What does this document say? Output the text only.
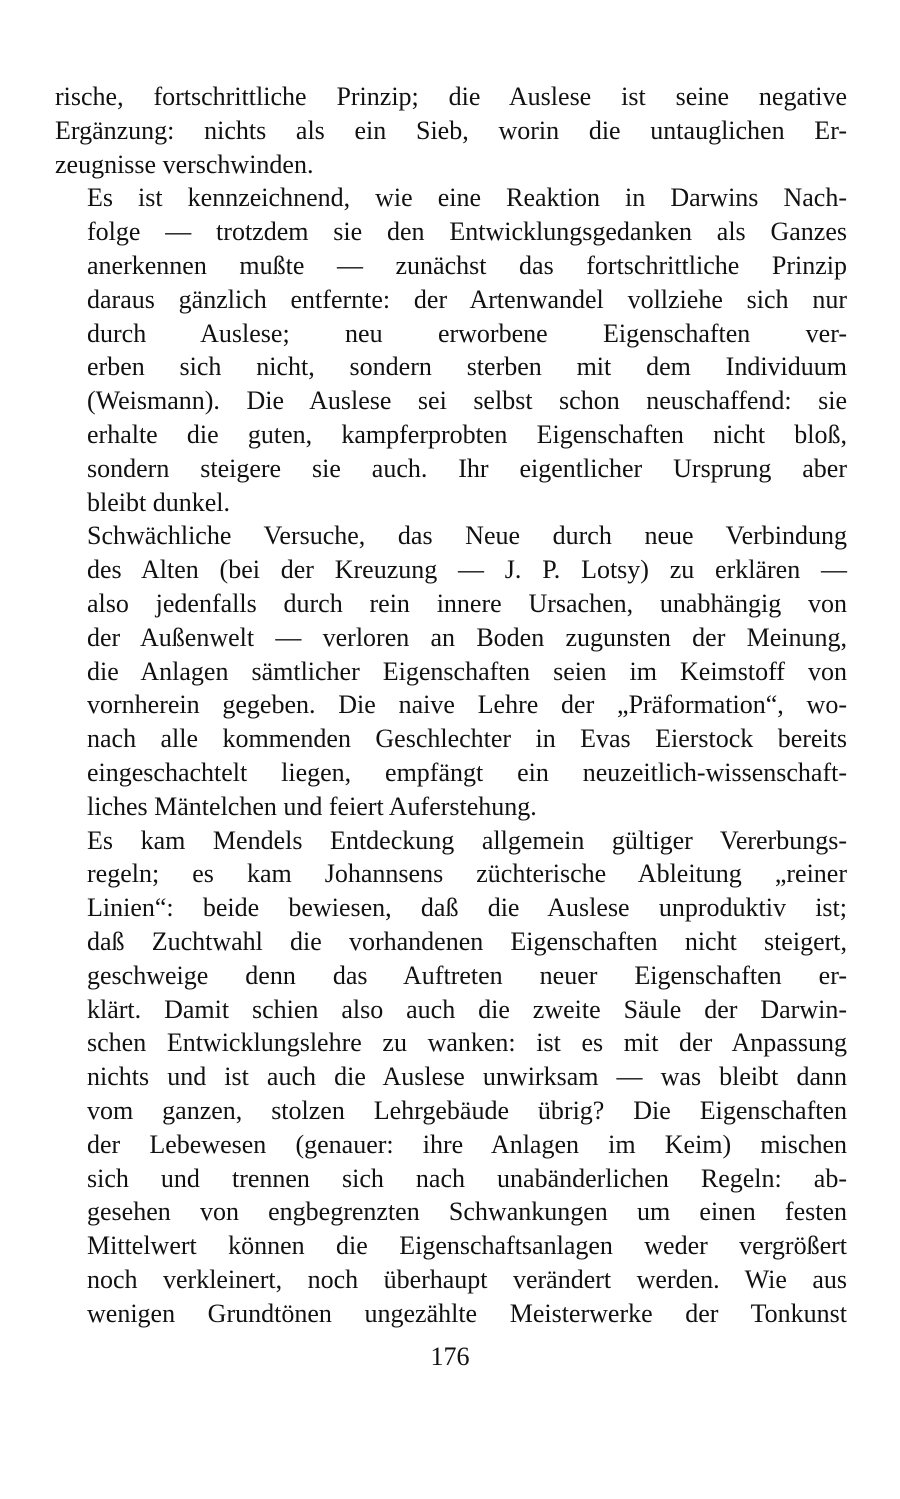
rische, fortschrittliche Prinzip; die Auslese ist seine negative
Ergänzung: nichts als ein Sieb, worin die untauglichen Er-
zeugnisse verschwinden.

Es ist kennzeichnend, wie eine Reaktion in Darwins Nach-
folge — trotzdem sie den Entwicklungsgedanken als Ganzes
anerkennen mußte — zunächst das fortschrittliche Prinzip
daraus gänzlich entfernte: der Artenwandel vollziehe sich nur
durch Auslese; neu erworbene Eigenschaften ver-
erben sich nicht, sondern sterben mit dem Individuum
(Weismann). Die Auslese sei selbst schon neuschaffend: sie
erhalte die guten, kampferprobten Eigenschaften nicht bloß,
sondern steigere sie auch. Ihr eigentlicher Ursprung aber
bleibt dunkel.

Schwächliche Versuche, das Neue durch neue Verbindung
des Alten (bei der Kreuzung — J. P. Lotsy) zu erklären —
also jedenfalls durch rein innere Ursachen, unabhängig von
der Außenwelt — verloren an Boden zugunsten der Meinung,
die Anlagen sämtlicher Eigenschaften seien im Keimstoff von
vornherein gegeben. Die naive Lehre der „Präformation“, wo-
nach alle kommenden Geschlechter in Evas Eierstock bereits
eingeschachtelt liegen, empfängt ein neuzeitlich-wissenschaft-
liches Mäntelchen und feiert Auferstehung.

Es kam Mendels Entdeckung allgemein gültiger Vererbungs-
regeln; es kam Johannsens züchterische Ableitung „reiner
Linien“: beide bewiesen, daß die Auslese unproduktiv ist;
daß Zuchtwahl die vorhandenen Eigenschaften nicht steigert,
geschweige denn das Auftreten neuer Eigenschaften er-
klärt. Damit schien also auch die zweite Säule der Darwin-
schen Entwicklungslehre zu wanken: ist es mit der Anpassung
nichts und ist auch die Auslese unwirksam — was bleibt dann
vom ganzen, stolzen Lehrgebäude übrig? Die Eigenschaften
der Lebewesen (genauer: ihre Anlagen im Keim) mischen
sich und trennen sich nach unabänderlichen Regeln: ab-
gesehen von engbegrenzten Schwankungen um einen festen
Mittelwert können die Eigenschaftsanlagen weder vergrößert
noch verkleinert, noch überhaupt verändert werden. Wie aus
wenigen Grundtönen ungezählte Meisterwerke der Tonkunst

176
